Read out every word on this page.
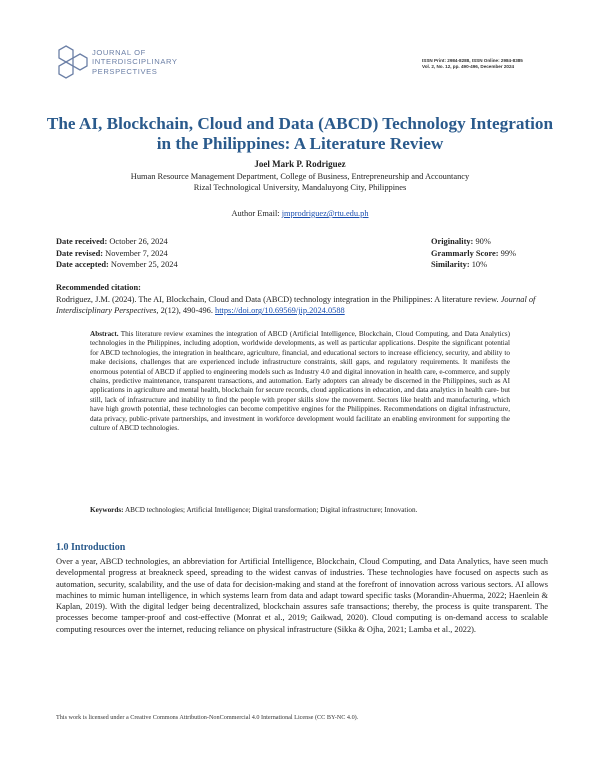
JOURNAL OF
INTERDISCIPLINARY
PERSPECTIVES
ISSN Print: 2984-8288, ISSN Online: 2984-8385
Vol. 2, No. 12, pp. 490-496, December 2024
The AI, Blockchain, Cloud and Data (ABCD) Technology Integration in the Philippines: A Literature Review
Joel Mark P. Rodriguez
Human Resource Management Department, College of Business, Entrepreneurship and Accountancy
Rizal Technological University, Mandaluyong City, Philippines
Author Email: jmprodriguez@rtu.edu.ph
Date received: October 26, 2024
Date revised: November 7, 2024
Date accepted: November 25, 2024
Originality: 90%
Grammarly Score: 99%
Similarity: 10%
Recommended citation:
Rodriguez, J.M. (2024). The AI, Blockchain, Cloud and Data (ABCD) technology integration in the Philippines: A literature review. Journal of Interdisciplinary Perspectives, 2(12), 490-496. https://doi.org/10.69569/jip.2024.0588
Abstract. This literature review examines the integration of ABCD (Artificial Intelligence, Blockchain, Cloud Computing, and Data Analytics) technologies in the Philippines, including adoption, worldwide developments, as well as particular applications. Despite the significant potential for ABCD technologies, the integration in healthcare, agriculture, financial, and educational sectors to increase efficiency, security, and ability to make decisions, challenges that are experienced include infrastructure constraints, skill gaps, and regulatory requirements. It manifests the enormous potential of ABCD if applied to engineering models such as Industry 4.0 and digital innovation in health care, e-commerce, and supply chains, predictive maintenance, transparent transactions, and automation. Early adopters can already be discerned in the Philippines, such as AI applications in agriculture and mental health, blockchain for secure records, cloud applications in education, and data analytics in health care- but still, lack of infrastructure and inability to find the people with proper skills slow the movement. Sectors like health and manufacturing, which have high growth potential, these technologies can become competitive engines for the Philippines. Recommendations on digital infrastructure, data privacy, public-private partnerships, and investment in workforce development would facilitate an enabling environment for supporting the culture of ABCD technologies.
Keywords: ABCD technologies; Artificial Intelligence; Digital transformation; Digital infrastructure; Innovation.
1.0 Introduction
Over a year, ABCD technologies, an abbreviation for Artificial Intelligence, Blockchain, Cloud Computing, and Data Analytics, have seen much developmental progress at breakneck speed, spreading to the widest canvas of industries. These technologies have focused on aspects such as automation, security, scalability, and the use of data for decision-making and stand at the forefront of innovation across various sectors. AI allows machines to mimic human intelligence, in which systems learn from data and adapt toward specific tasks (Morandin-Ahuerma, 2022; Haenlein & Kaplan, 2019). With the digital ledger being decentralized, blockchain assures safe transactions; thereby, the process is quite transparent. The processes become tamper-proof and cost-effective (Monrat et al., 2019; Gaikwad, 2020). Cloud computing is on-demand access to scalable computing resources over the internet, reducing reliance on physical infrastructure (Sikka & Ojha, 2021; Lamba et al., 2022).
This work is licensed under a Creative Commons Attribution-NonCommercial 4.0 International License (CC BY-NC 4.0).
